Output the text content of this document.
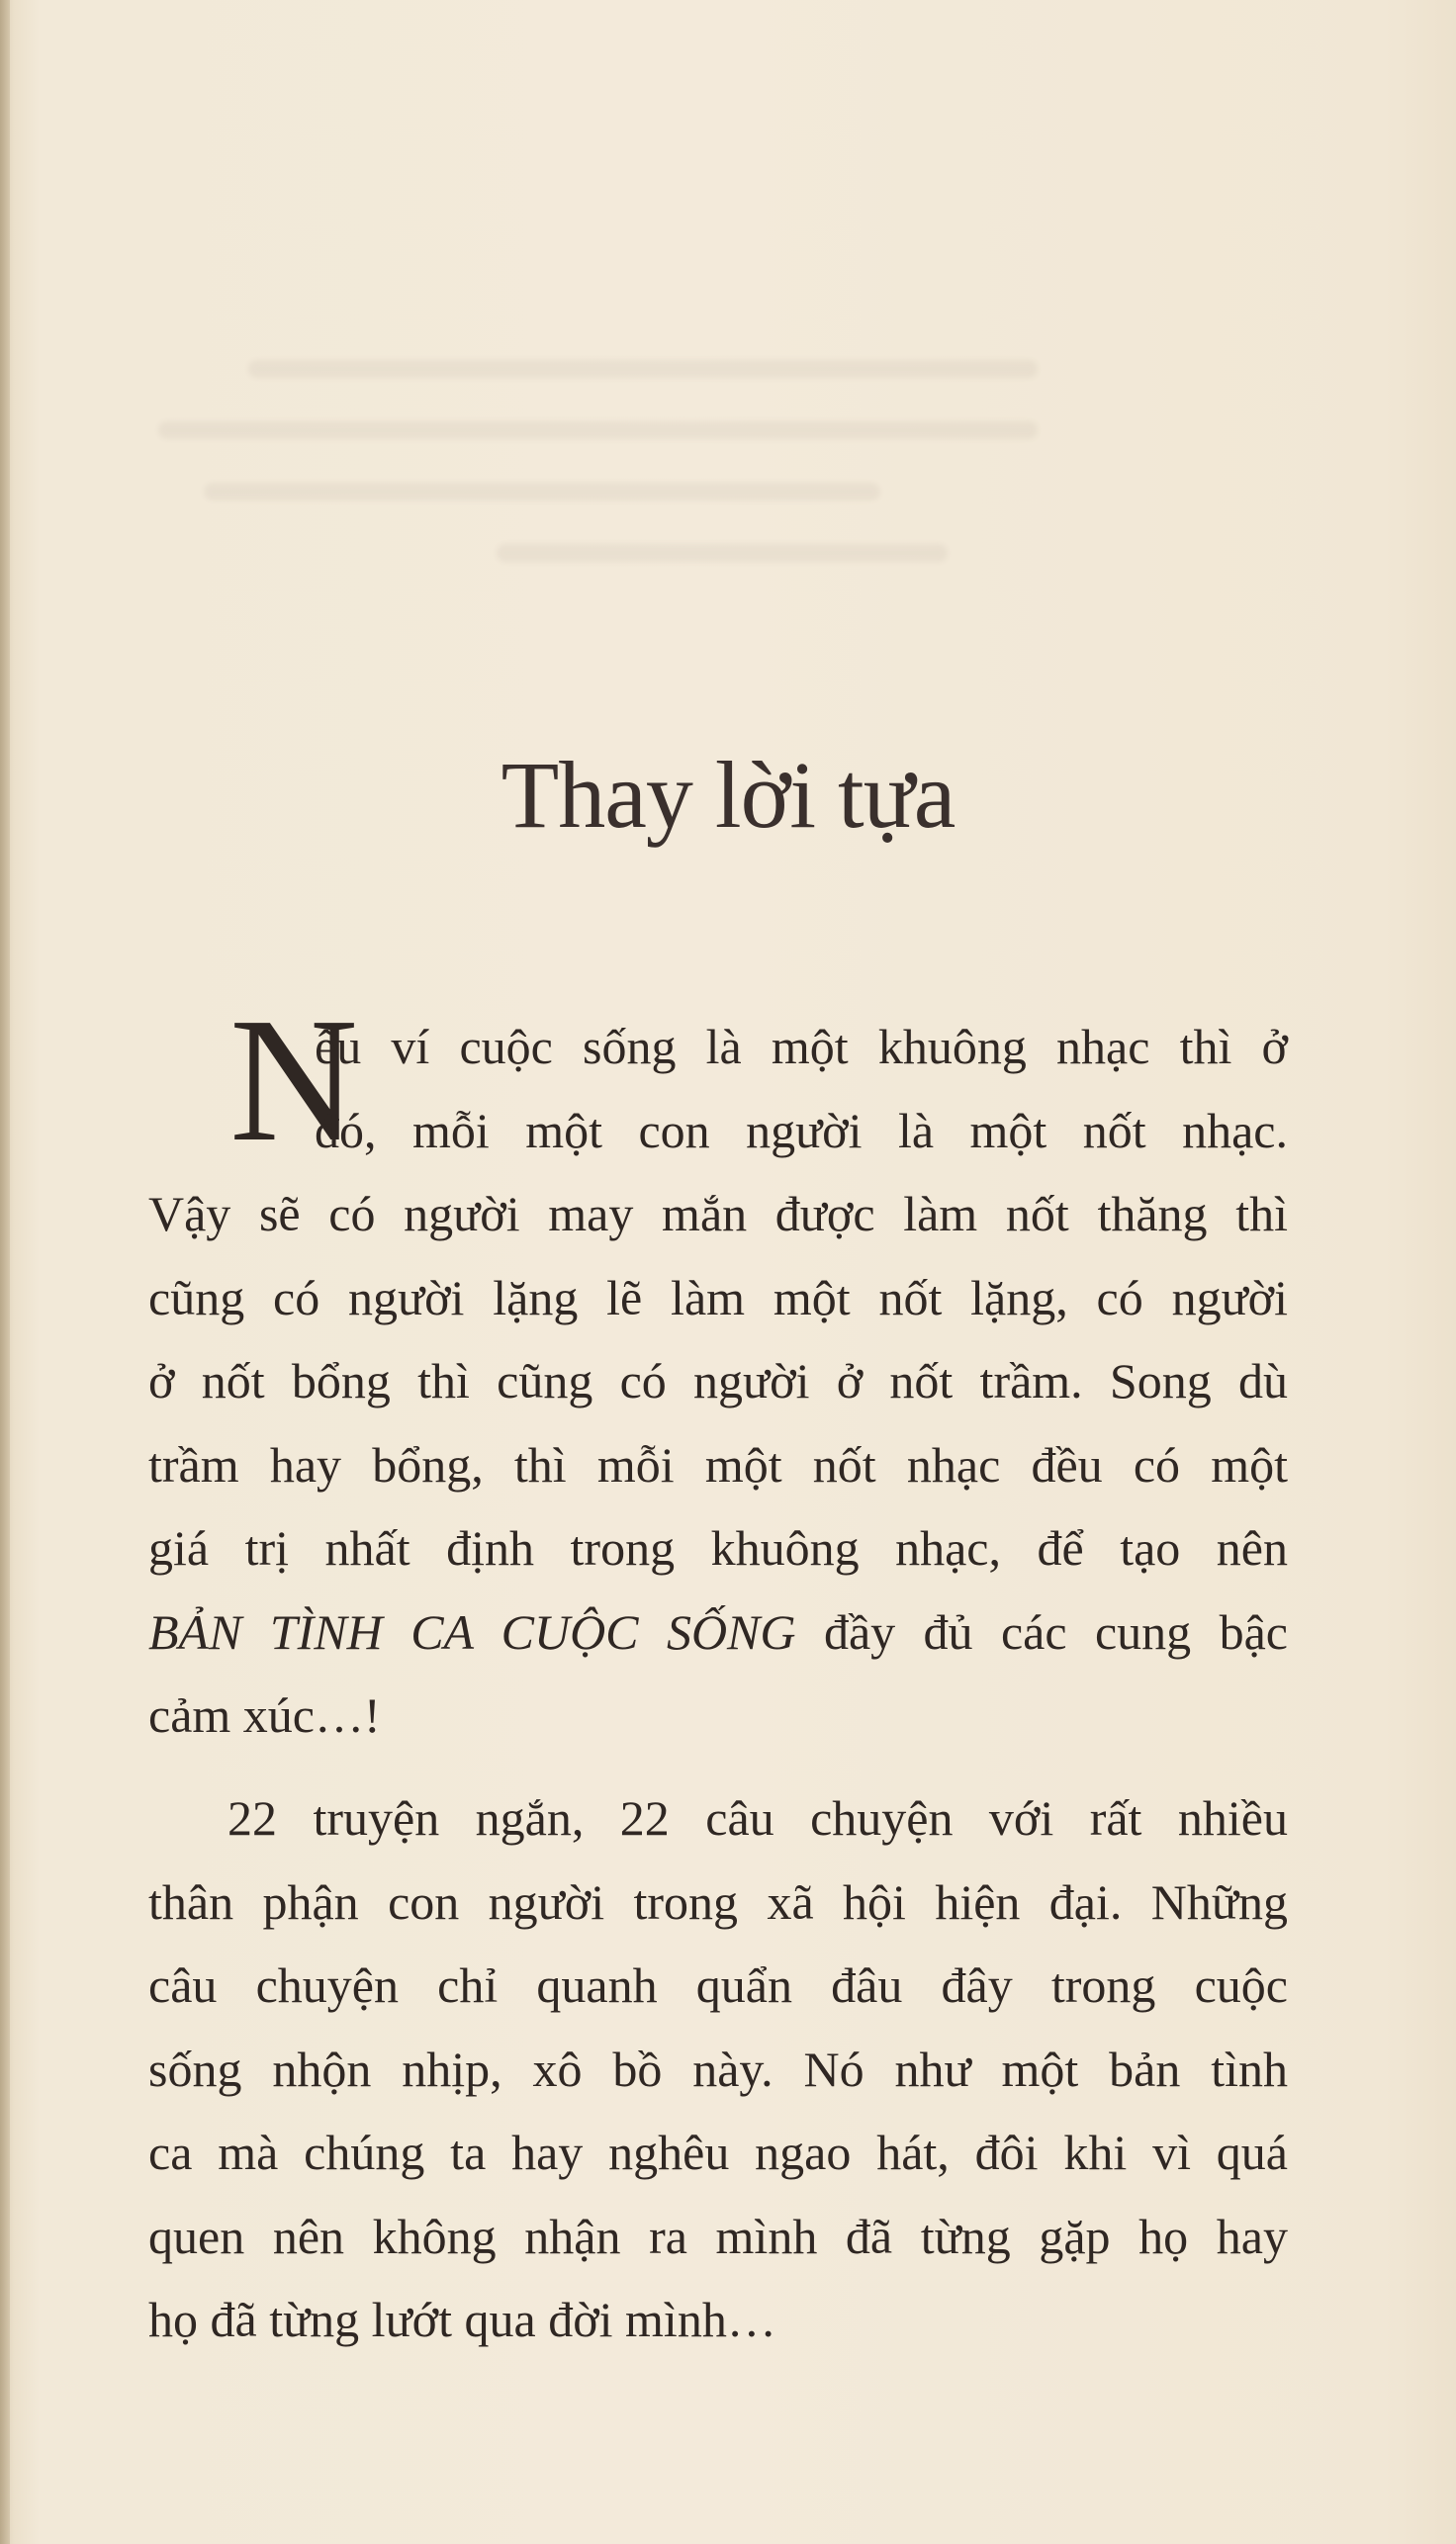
Thay lời tựa
N
ếu ví cuộc sống là một khuông nhạc thì ở
đó, mỗi một con người là một nốt nhạc.
Vậy sẽ có người may mắn được làm nốt thăng thì
cũng có người lặng lẽ làm một nốt lặng, có người
ở nốt bổng thì cũng có người ở nốt trầm. Song dù
trầm hay bổng, thì mỗi một nốt nhạc đều có một
giá trị nhất định trong khuông nhạc, để tạo nên
BẢN TÌNH CA CUỘC SỐNG đầy đủ các cung bậc
cảm xúc…!
22 truyện ngắn, 22 câu chuyện với rất nhiều
thân phận con người trong xã hội hiện đại. Những
câu chuyện chỉ quanh quẩn đâu đây trong cuộc
sống nhộn nhịp, xô bồ này. Nó như một bản tình
ca mà chúng ta hay nghêu ngao hát, đôi khi vì quá
quen nên không nhận ra mình đã từng gặp họ hay
họ đã từng lướt qua đời mình…
